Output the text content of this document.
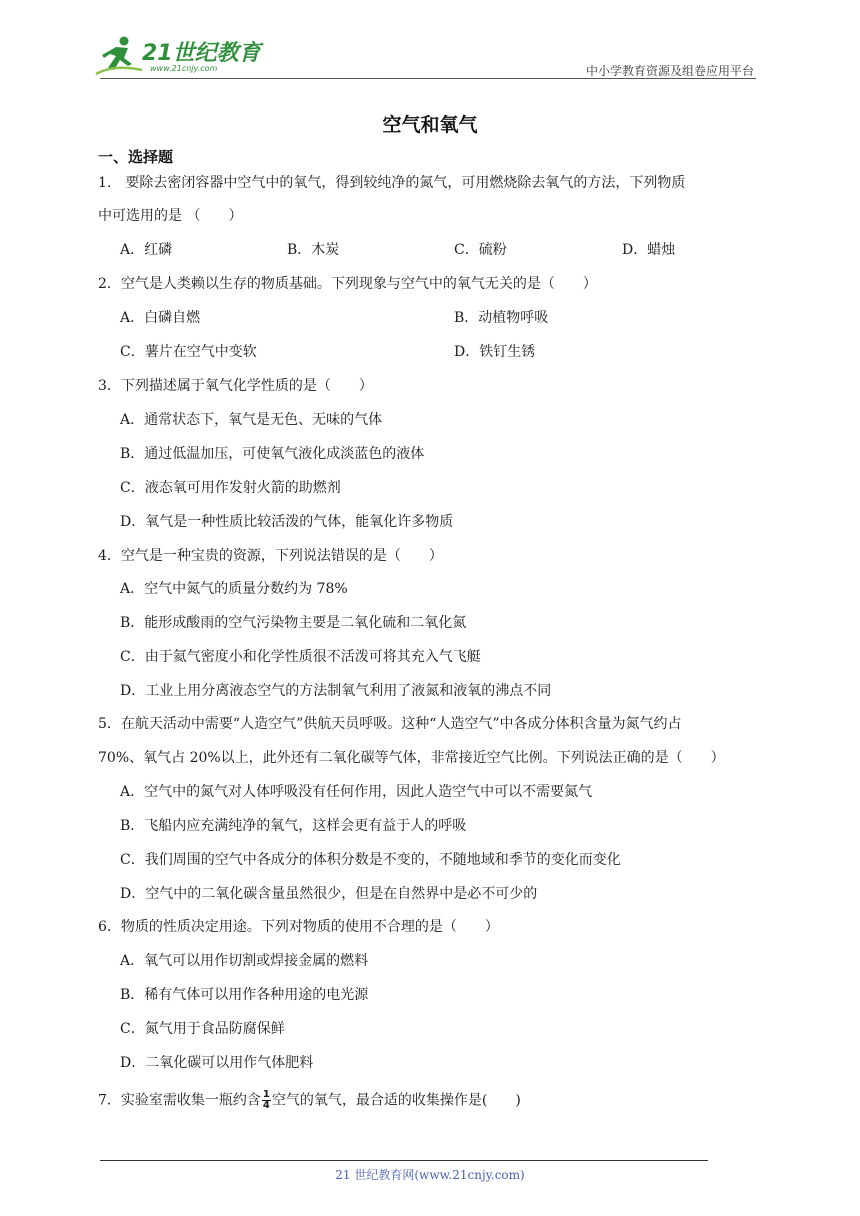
21世纪教育
www.21cnjy.com	中小学教育资源及组卷应用平台
空气和氧气
一、选择题
1.　要除去密闭容器中空气中的氧气，得到较纯净的氮气，可用燃烧除去氧气的方法，下列物质
中可选用的是 （　　）
A．红磷	B．木炭	C．硫粉	D．蜡烛
2．空气是人类赖以生存的物质基础。下列现象与空气中的氧气无关的是（　　）
A．白磷自燃	B．动植物呼吸
C．薯片在空气中变软	D．铁钉生锈
3．下列描述属于氧气化学性质的是（　　）
A．通常状态下，氧气是无色、无味的气体
B．通过低温加压，可使氧气液化成淡蓝色的液体
C．液态氧可用作发射火箭的助燃剂
D．氧气是一种性质比较活泼的气体，能氧化许多物质
4．空气是一种宝贵的资源，下列说法错误的是（　　）
A．空气中氮气的质量分数约为 78%
B．能形成酸雨的空气污染物主要是二氧化硫和二氧化氮
C．由于氦气密度小和化学性质很不活泼可将其充入气飞艇
D．工业上用分离液态空气的方法制氧气利用了液氮和液氧的沸点不同
5．在航天活动中需要“人造空气”供航天员呼吸。这种“人造空气”中各成分体积含量为氮气约占
70%、氧气占 20%以上，此外还有二氧化碳等气体，非常接近空气比例。下列说法正确的是（　　）
A．空气中的氮气对人体呼吸没有任何作用，因此人造空气中可以不需要氮气
B．飞船内应充满纯净的氧气，这样会更有益于人的呼吸
C．我们周围的空气中各成分的体积分数是不变的，不随地域和季节的变化而变化
D．空气中的二氧化碳含量虽然很少，但是在自然界中是必不可少的
6．物质的性质决定用途。下列对物质的使用不合理的是（　　）
A．氧气可以用作切割或焊接金属的燃料
B．稀有气体可以用作各种用途的电光源
C．氮气用于食品防腐保鲜
D．二氧化碳可以用作气体肥料
7．实验室需收集一瓶约含 $\frac{1}{4}$ 空气的氧气，最合适的收集操作是(　　)
21 世纪教育网(www.21cnjy.com)
